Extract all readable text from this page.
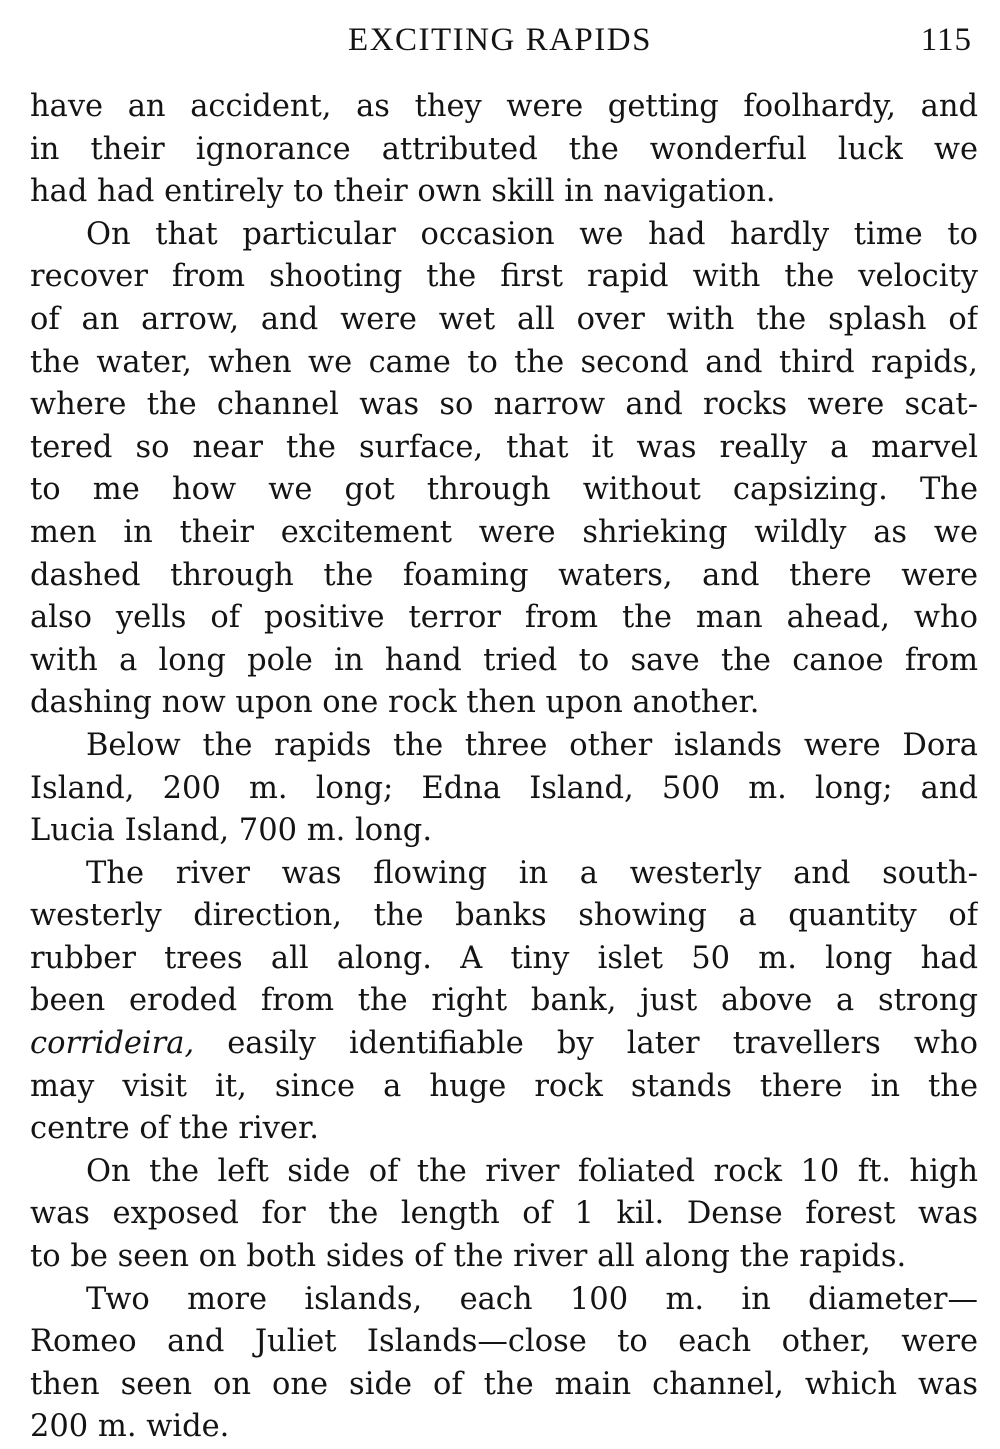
EXCITING RAPIDS	115
have an accident, as they were getting foolhardy, and
in their ignorance attributed the wonderful luck we
had had entirely to their own skill in navigation.
On that particular occasion we had hardly time to
recover from shooting the first rapid with the velocity
of an arrow, and were wet all over with the splash of
the water, when we came to the second and third rapids,
where the channel was so narrow and rocks were scat-
tered so near the surface, that it was really a marvel
to me how we got through without capsizing. The
men in their excitement were shrieking wildly as we
dashed through the foaming waters, and there were
also yells of positive terror from the man ahead, who
with a long pole in hand tried to save the canoe from
dashing now upon one rock then upon another.
Below the rapids the three other islands were Dora
Island, 200 m. long; Edna Island, 500 m. long; and
Lucia Island, 700 m. long.
The river was flowing in a westerly and south-
westerly direction, the banks showing a quantity of
rubber trees all along. A tiny islet 50 m. long had
been eroded from the right bank, just above a strong
corrideira, easily identifiable by later travellers who
may visit it, since a huge rock stands there in the
centre of the river.
On the left side of the river foliated rock 10 ft. high
was exposed for the length of 1 kil. Dense forest was
to be seen on both sides of the river all along the rapids.
Two more islands, each 100 m. in diameter—
Romeo and Juliet Islands—close to each other, were
then seen on one side of the main channel, which was
200 m. wide.
